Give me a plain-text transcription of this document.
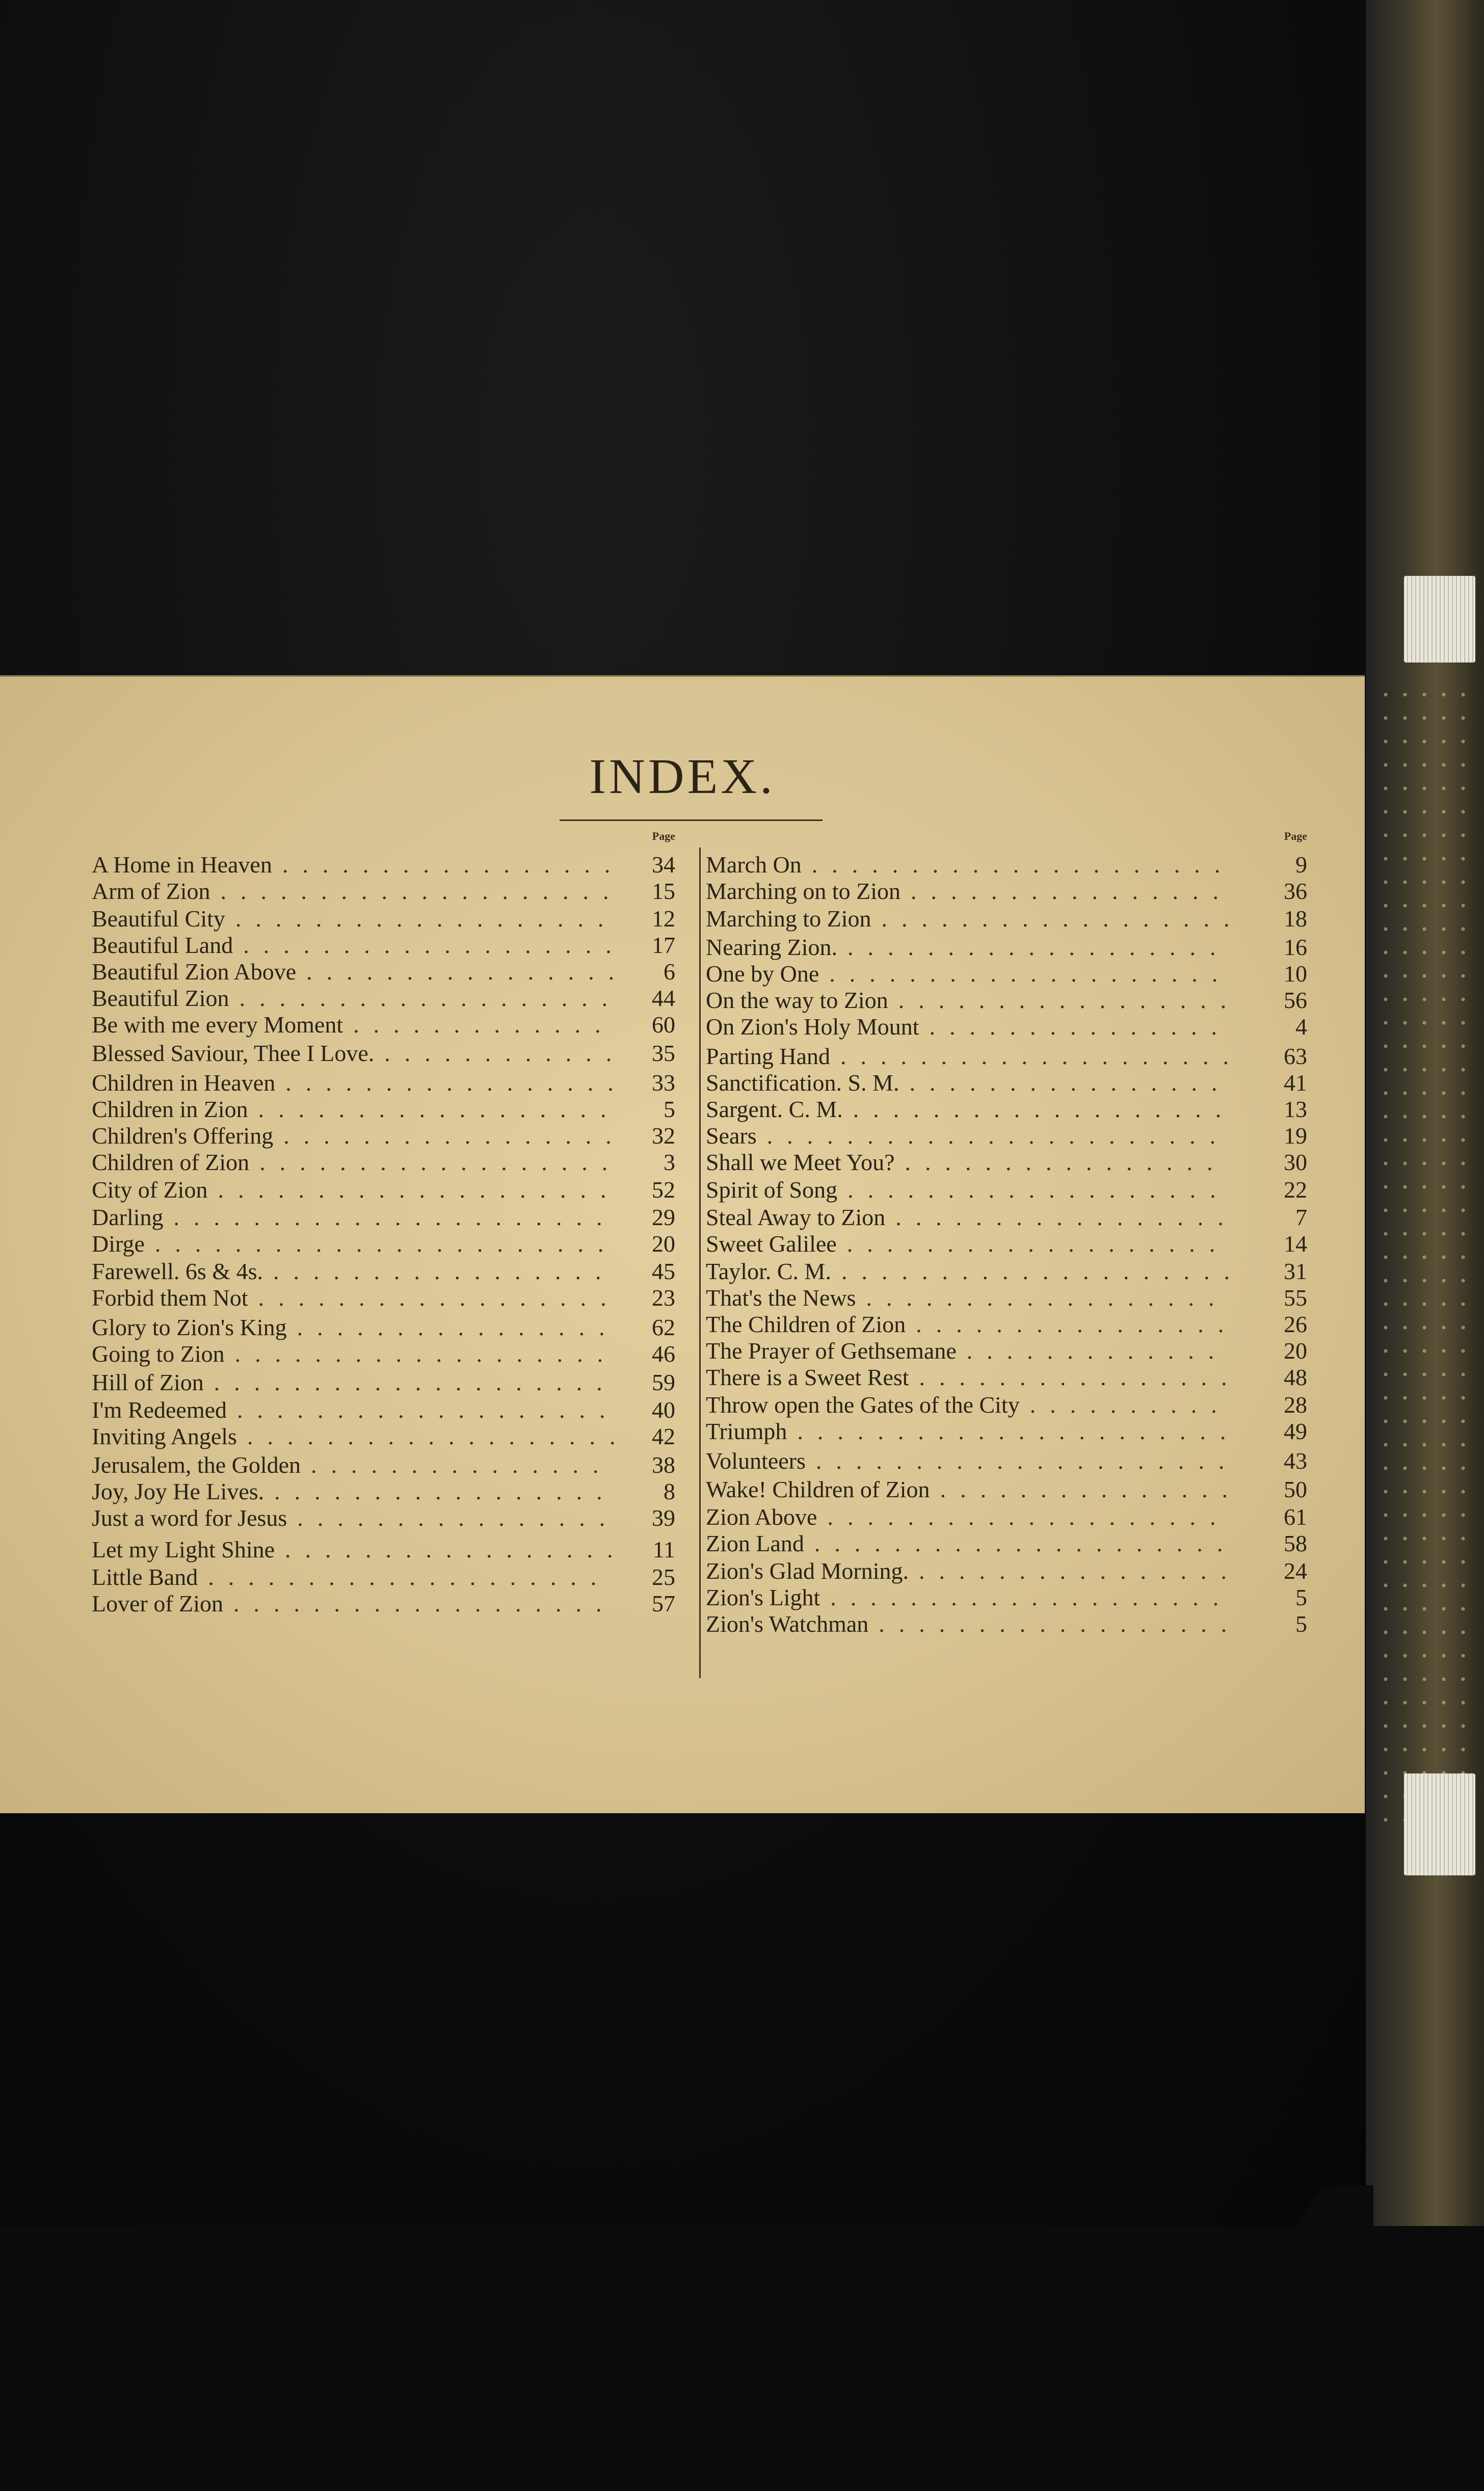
INDEX.
Page
A Home in Heaven .................	34
Arm of Zion ....................	15
Beautiful City ...................	12
Beautiful Land ...................	17
Beautiful Zion Above ................ 6
Beautiful Zion ...................	44
Be with me every Moment .............	60
Blessed Saviour, Thee I Love. ............	35
Children in Heaven ................. 33
Children in Zion ..................	5
Children's Offering .................	32
Children of Zion ..................	3
City of Zion ....................	52
Darling ......................	29
Dirge .......................	20
Farewell. 6s & 4s. .................	45
Forbid them Not ..................	23
Glory to Zion's King ................	62
Going to Zion ...................	46
Hill of Zion ....................	59
I'm Redeemed ...................	40
Inviting Angels ................... 42
Jerusalem, the Golden ...............	38
Joy, Joy He Lives. .................	8
Just a word for Jesus ................	39
Let my Light Shine .................	11
Little Band ....................	25
Lover of Zion ...................	57
Page
March On .....................	9
Marching on to Zion ................	36
Marching to Zion ..................	18
Nearing Zion. ...................	16
One by One ....................	10
On the way to Zion .................	56
On Zion's Holy Mount ...............	4
Parting Hand ....................	63
Sanctification. S. M. ................	41
Sargent. C. M. ...................	13
Sears .......................	19
Shall we Meet You? ................	30
Spirit of Song ...................	22
Steal Away to Zion .................	7
Sweet Galilee ...................	14
Taylor. C. M. ....................	31
That's the News ..................	55
The Children of Zion ................	26
The Prayer of Gethsemane .............	20
There is a Sweet Rest ................	48
Throw open the Gates of the City ..........	28
Triumph ......................	49
Volunteers .....................	43
Wake! Children of Zion ...............	50
Zion Above ....................	61
Zion Land .....................	58
Zion's Glad Morning. ................	24
Zion's Light ....................	5
Zion's Watchman ..................	5
